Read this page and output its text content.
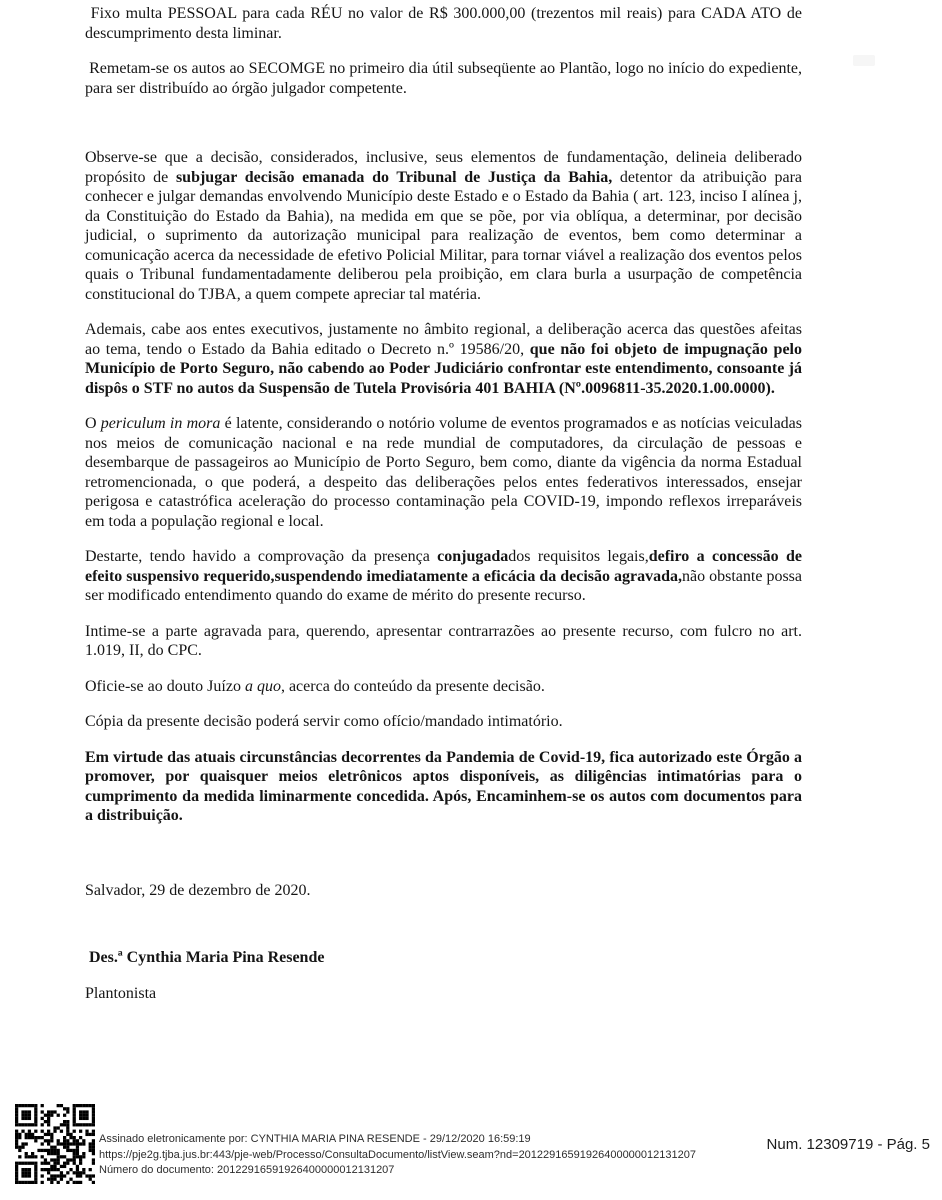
Fixo multa PESSOAL para cada RÉU no valor de R$ 300.000,00 (trezentos mil reais) para CADA ATO de descumprimento desta liminar.

Remetam-se os autos ao SECOMGE no primeiro dia útil subseqüente ao Plantão, logo no início do expediente, para ser distribuído ao órgão julgador competente.

Observe-se que a decisão, considerados, inclusive, seus elementos de fundamentação, delineia deliberado propósito de subjugar decisão emanada do Tribunal de Justiça da Bahia, detentor da atribuição para conhecer e julgar demandas envolvendo Município deste Estado e o Estado da Bahia ( art. 123, inciso I alínea j, da Constituição do Estado da Bahia), na medida em que se põe, por via oblíqua, a determinar, por decisão judicial, o suprimento da autorização municipal para realização de eventos, bem como determinar a comunicação acerca da necessidade de efetivo Policial Militar, para tornar viável a realização dos eventos pelos quais o Tribunal fundamentadamente deliberou pela proibição, em clara burla a usurpação de competência constitucional do TJBA, a quem compete apreciar tal matéria.

Ademais, cabe aos entes executivos, justamente no âmbito regional, a deliberação acerca das questões afeitas ao tema, tendo o Estado da Bahia editado o Decreto n.º 19586/20, que não foi objeto de impugnação pelo Município de Porto Seguro, não cabendo ao Poder Judiciário confrontar este entendimento, consoante já dispôs o STF no autos da Suspensão de Tutela Provisória 401 BAHIA (Nº.0096811-35.2020.1.00.0000).

O periculum in mora é latente, considerando o notório volume de eventos programados e as notícias veiculadas nos meios de comunicação nacional e na rede mundial de computadores, da circulação de pessoas e desembarque de passageiros ao Município de Porto Seguro, bem como, diante da vigência da norma Estadual retromencionada, o que poderá, a despeito das deliberações pelos entes federativos interessados, ensejar perigosa e catastrófica aceleração do processo contaminação pela COVID-19, impondo reflexos irreparáveis em toda a população regional e local.

Destarte, tendo havido a comprovação da presença conjugadados requisitos legais,defiro a concessão de efeito suspensivo requerido,suspendendo imediatamente a eficácia da decisão agravada,não obstante possa ser modificado entendimento quando do exame de mérito do presente recurso.

Intime-se a parte agravada para, querendo, apresentar contrarrazões ao presente recurso, com fulcro no art. 1.019, II, do CPC.

Oficie-se ao douto Juízo a quo, acerca do conteúdo da presente decisão.

Cópia da presente decisão poderá servir como ofício/mandado intimatório.

Em virtude das atuais circunstâncias decorrentes da Pandemia de Covid-19, fica autorizado este Órgão a promover, por quaisquer meios eletrônicos aptos disponíveis, as diligências intimatórias para o cumprimento da medida liminarmente concedida. Após, Encaminhem-se os autos com documentos para a distribuição.

Salvador, 29 de dezembro de 2020.

Des.ª Cynthia Maria Pina Resende

Plantonista

Assinado eletronicamente por: CYNTHIA MARIA PINA RESENDE - 29/12/2020 16:59:19
https://pje2g.tjba.jus.br:443/pje-web/Processo/ConsultaDocumento/listView.seam?nd=20122916591926400000012131207
Número do documento: 20122916591926400000012131207
Num. 12309719 - Pág. 5
